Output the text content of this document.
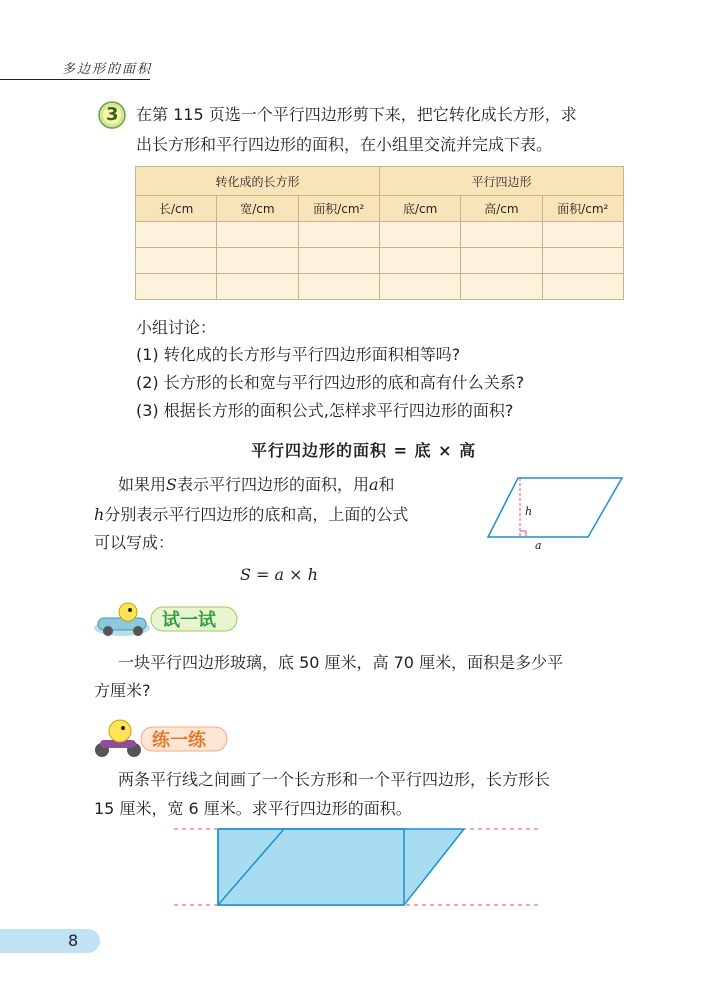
多边形的面积
3 在第 115 页选一个平行四边形剪下来，把它转化成长方形，求
出长方形和平行四边形的面积，在小组里交流并完成下表。
转化成的长方形			平行四边形		
长/cm	宽/cm	面积/cm²	底/cm	高/cm	面积/cm²

小组讨论：
(1) 转化成的长方形与平行四边形面积相等吗?
(2) 长方形的长和宽与平行四边形的底和高有什么关系?
(3) 根据长方形的面积公式,怎样求平行四边形的面积?
平行四边形的面积 = 底 × 高
如果用S表示平行四边形的面积，用a和
h分别表示平行四边形的底和高，上面的公式
可以写成：
S = a × h
h
a
试一试
一块平行四边形玻璃，底 50 厘米，高 70 厘米，面积是多少平
方厘米?
练一练
两条平行线之间画了一个长方形和一个平行四边形，长方形长
15 厘米，宽 6 厘米。求平行四边形的面积。
8
